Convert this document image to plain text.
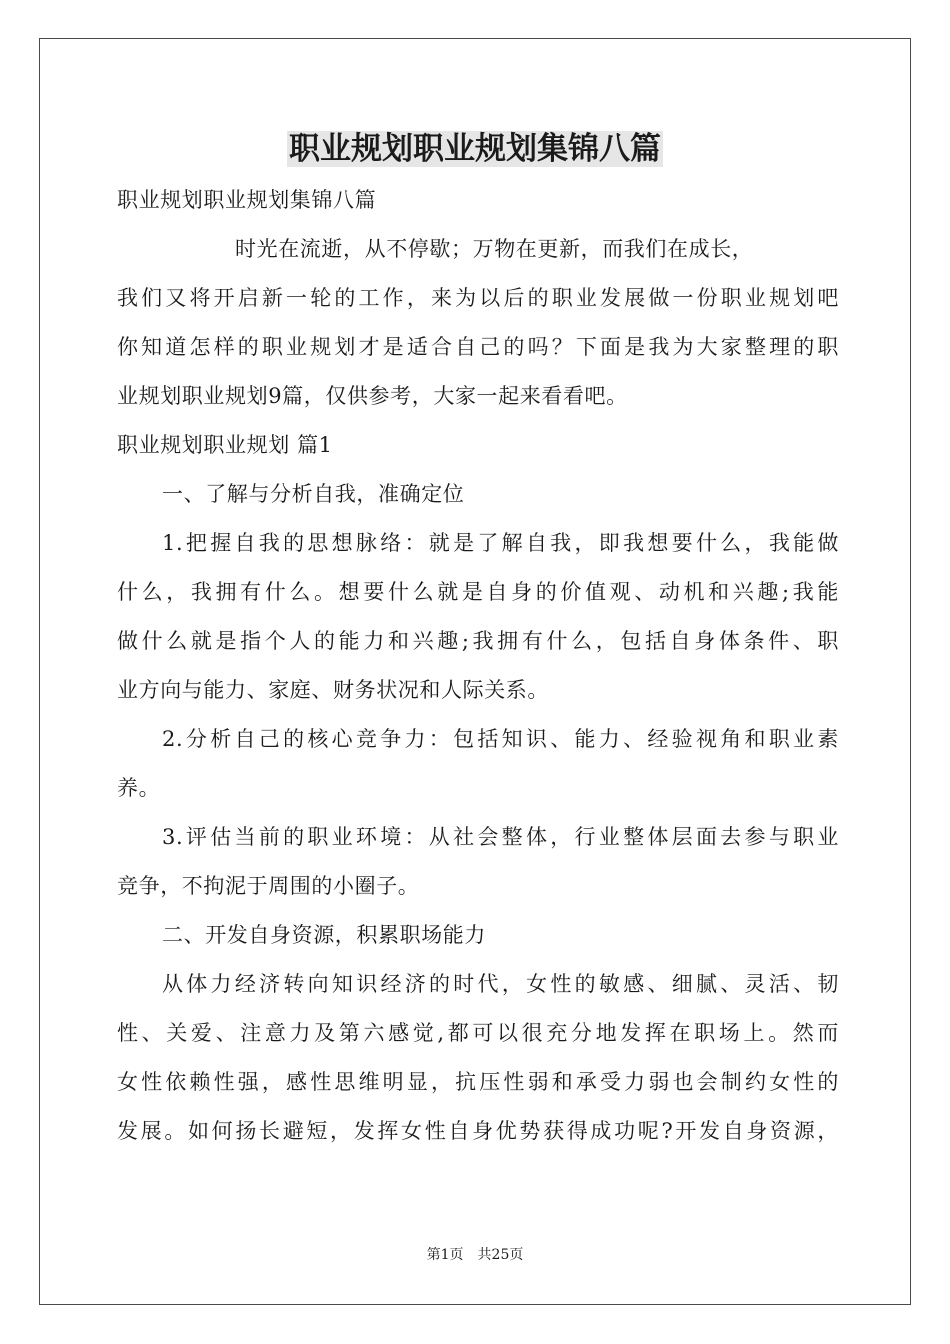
职业规划职业规划集锦八篇
职业规划职业规划集锦八篇
时光在流逝，从不停歇；万物在更新，而我们在成长，
我们又将开启新一轮的工作，来为以后的职业发展做一份职业规划吧
你知道怎样的职业规划才是适合自己的吗？下面是我为大家整理的职
业规划职业规划9篇，仅供参考，大家一起来看看吧。
职业规划职业规划 篇1
一、了解与分析自我，准确定位
1.把握自我的思想脉络：就是了解自我，即我想要什么，我能做
什么，我拥有什么。想要什么就是自身的价值观、动机和兴趣;我能
做什么就是指个人的能力和兴趣;我拥有什么，包括自身体条件、职
业方向与能力、家庭、财务状况和人际关系。
2.分析自己的核心竞争力：包括知识、能力、经验视角和职业素
养。
3.评估当前的职业环境：从社会整体，行业整体层面去参与职业
竞争，不拘泥于周围的小圈子。
二、开发自身资源，积累职场能力
从体力经济转向知识经济的时代，女性的敏感、细腻、灵活、韧
性、关爱、注意力及第六感觉,都可以很充分地发挥在职场上。然而
女性依赖性强，感性思维明显，抗压性弱和承受力弱也会制约女性的
发展。如何扬长避短，发挥女性自身优势获得成功呢?开发自身资源，
第1页 共25页
